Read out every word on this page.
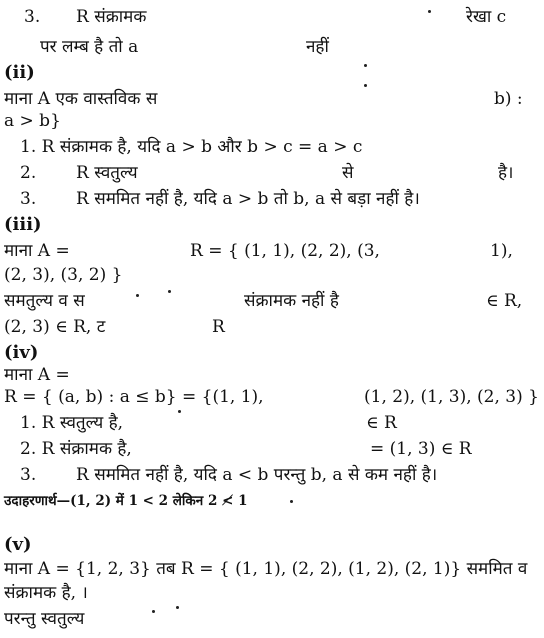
3. R संक्रामक	रेखा c
पर लम्ब है तो a	नहीं
(ii)
माना A एक वास्तविक स	b) :
a > b}
1. R संक्रामक है, यदि a > b और b > c = a > c
2. R स्वतुल्य	से	है।
3. R सममित नहीं है, यदि a > b तो b, a से बड़ा नहीं है।
(iii)
माना A =	R = { (1, 1), (2, 2), (3,	1),
(2, 3), (3, 2) }
समतुल्य व स	संक्रामक नहीं है	∈ R,
(2, 3) ∈ R, ट	R
(iv)
माना A =
R = { (a, b) : a ≤ b} = {(1, 1),	(1, 2), (1, 3), (2, 3) }
1. R स्वतुल्य है,	∈ R
2. R संक्रामक है,	= (1, 3) ∈ R
3. R सममित नहीं है, यदि a < b परन्तु b, a से कम नहीं है।
उदाहरणार्थ—(1, 2) में 1 < 2 लेकिन 2 ≮ 1
(v)
माना A = {1, 2, 3} तब R = { (1, 1), (2, 2), (1, 2), (2, 1)} सममित व
संक्रामक है, ।
परन्तु स्वतुल्य
